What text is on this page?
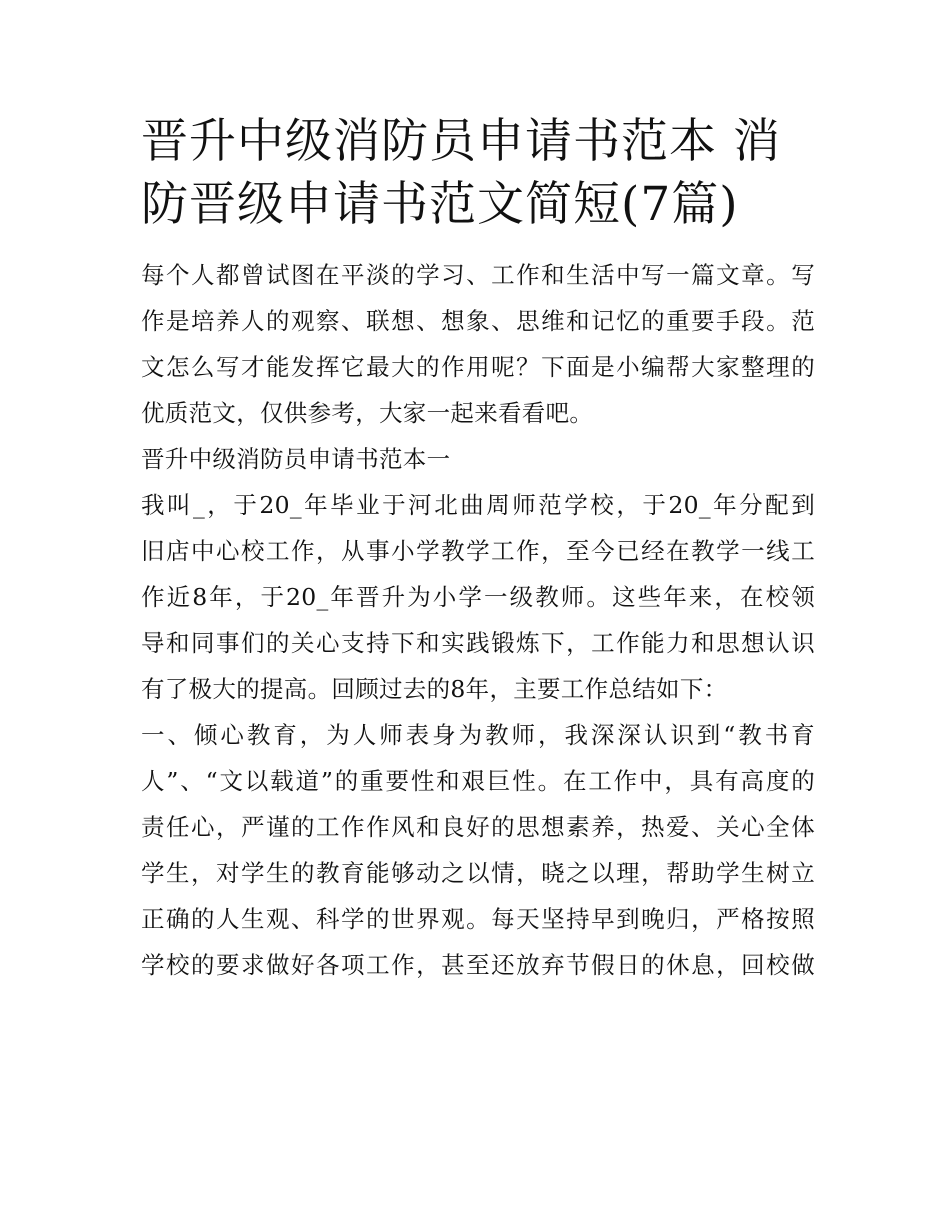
晋升中级消防员申请书范本 消
防晋级申请书范文简短(7篇)
每个人都曾试图在平淡的学习、工作和生活中写一篇文章。写
作是培养人的观察、联想、想象、思维和记忆的重要手段。范
文怎么写才能发挥它最大的作用呢？下面是小编帮大家整理的
优质范文，仅供参考，大家一起来看看吧。
晋升中级消防员申请书范本一
我叫_，于20_年毕业于河北曲周师范学校，于20_年分配到
旧店中心校工作，从事小学教学工作，至今已经在教学一线工
作近8年，于20_年晋升为小学一级教师。这些年来，在校领
导和同事们的关心支持下和实践锻炼下，工作能力和思想认识
有了极大的提高。回顾过去的8年，主要工作总结如下：
一、倾心教育，为人师表身为教师，我深深认识到“教书育
人”、“文以载道”的重要性和艰巨性。在工作中，具有高度的
责任心，严谨的工作作风和良好的思想素养，热爱、关心全体
学生，对学生的教育能够动之以情，晓之以理，帮助学生树立
正确的人生观、科学的世界观。每天坚持早到晚归，严格按照
学校的要求做好各项工作，甚至还放弃节假日的休息，回校做
